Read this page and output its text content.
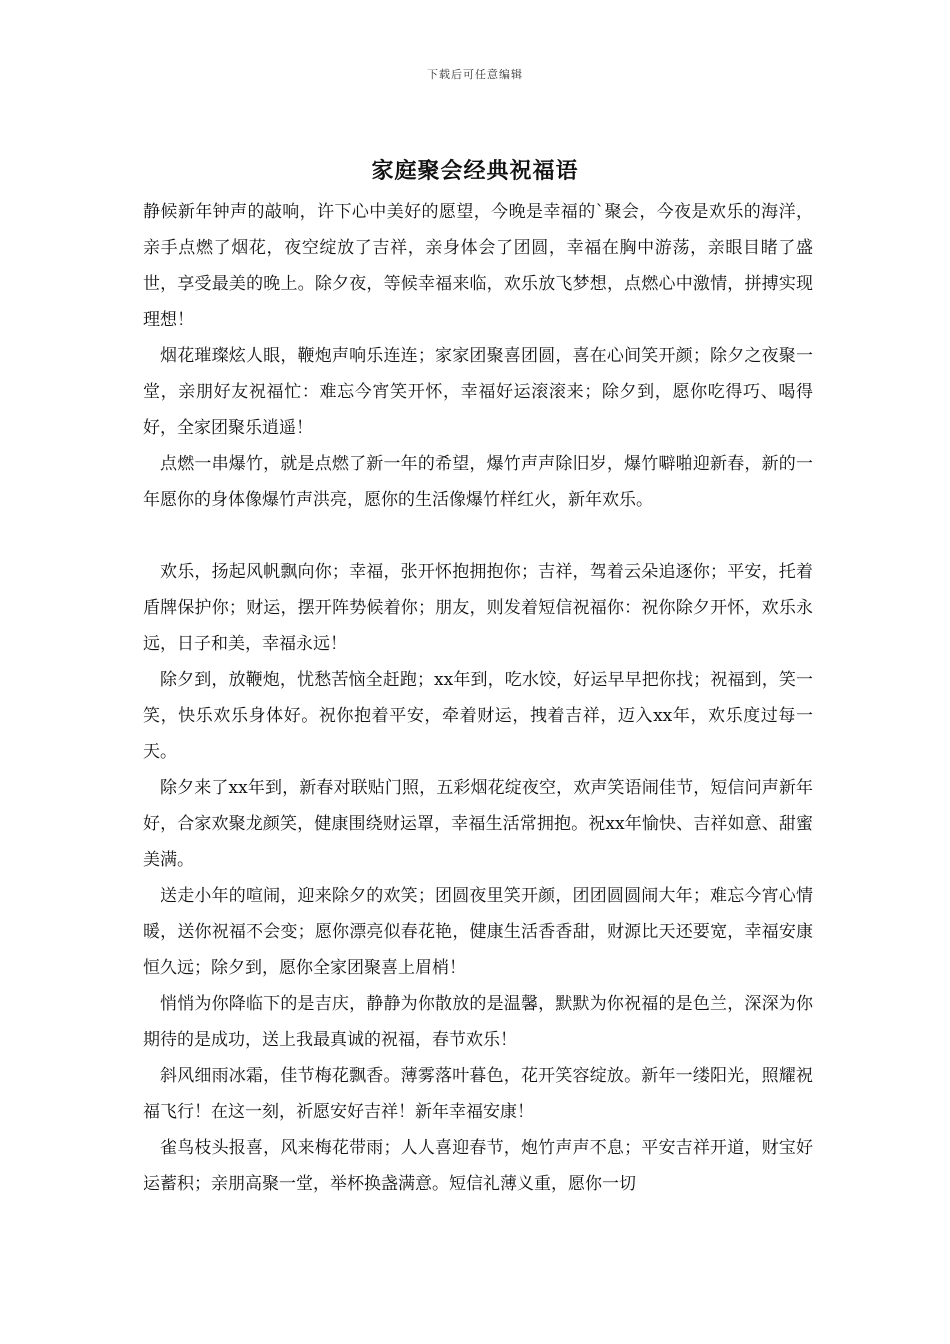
下载后可任意编辑
家庭聚会经典祝福语

静候新年钟声的敲响，许下心中美好的愿望，今晚是幸福的`聚会，今夜是欢乐的海洋，亲手点燃了烟花，夜空绽放了吉祥，亲身体会了团圆，幸福在胸中游荡，亲眼目睹了盛世，享受最美的晚上。除夕夜，等候幸福来临，欢乐放飞梦想，点燃心中激情，拼搏实现理想！

烟花璀璨炫人眼，鞭炮声响乐连连；家家团聚喜团圆，喜在心间笑开颜；除夕之夜聚一堂，亲朋好友祝福忙：难忘今宵笑开怀，幸福好运滚滚来；除夕到，愿你吃得巧、喝得好，全家团聚乐逍遥！

点燃一串爆竹，就是点燃了新一年的希望，爆竹声声除旧岁，爆竹噼啪迎新春，新的一年愿你的身体像爆竹声洪亮，愿你的生活像爆竹样红火，新年欢乐。

欢乐，扬起风帆飘向你；幸福，张开怀抱拥抱你；吉祥，驾着云朵追逐你；平安，托着盾牌保护你；财运，摆开阵势候着你；朋友，则发着短信祝福你：祝你除夕开怀，欢乐永远，日子和美，幸福永远！

除夕到，放鞭炮，忧愁苦恼全赶跑；xx年到，吃水饺，好运早早把你找；祝福到，笑一笑，快乐欢乐身体好。祝你抱着平安，牵着财运，拽着吉祥，迈入xx年，欢乐度过每一天。

除夕来了xx年到，新春对联贴门照，五彩烟花绽夜空，欢声笑语闹佳节，短信问声新年好，合家欢聚龙颜笑，健康围绕财运罩，幸福生活常拥抱。祝xx年愉快、吉祥如意、甜蜜美满。

送走小年的喧闹，迎来除夕的欢笑；团圆夜里笑开颜，团团圆圆闹大年；难忘今宵心情暖，送你祝福不会变；愿你漂亮似春花艳，健康生活香香甜，财源比天还要宽，幸福安康恒久远；除夕到，愿你全家团聚喜上眉梢！

悄悄为你降临下的是吉庆，静静为你散放的是温馨，默默为你祝福的是色兰，深深为你期待的是成功，送上我最真诚的祝福，春节欢乐！

斜风细雨冰霜，佳节梅花飘香。薄雾落叶暮色，花开笑容绽放。新年一缕阳光，照耀祝福飞行！在这一刻，祈愿安好吉祥！新年幸福安康！

雀鸟枝头报喜，风来梅花带雨；人人喜迎春节，炮竹声声不息；平安吉祥开道，财宝好运蓄积；亲朋高聚一堂，举杯换盏满意。短信礼薄义重，愿你一切
